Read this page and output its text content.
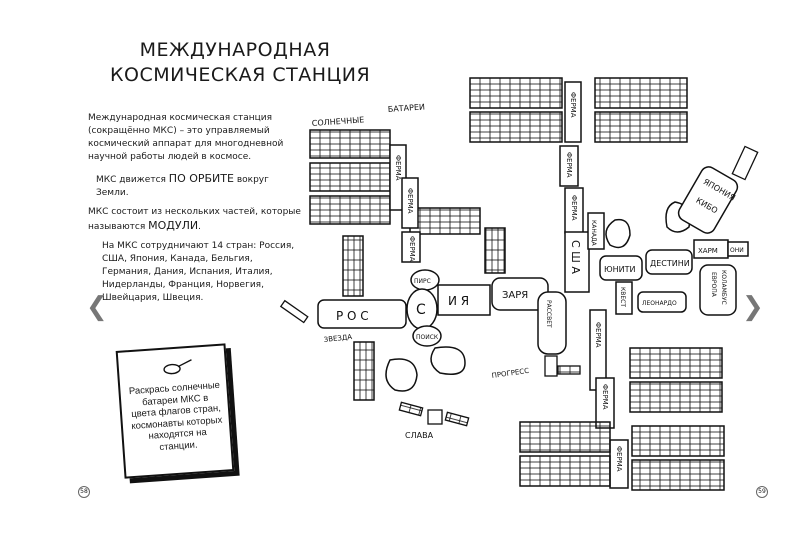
МЕЖДУНАРОДНАЯ
КОСМИЧЕСКАЯ СТАНЦИЯ
Международная космическая станция (сокращённо МКС) – это управляемый космический аппарат для многодневной научной работы людей в космосе.
МКС движется ПО ОРБИТЕ вокруг Земли.
МКС состоит из нескольких частей, которые называются МОДУЛИ.
На МКС сотрудничают 14 стран: Россия, США, Япония, Канада, Бельгия, Германия, Дания, Испания, Италия, Нидерланды, Франция, Норвегия, Швейцария, Швеция.
Раскрась солнечные батареи МКС в цвета флагов стран, космонавты которых находятся на станции.
58	59
❮	❯
СОЛНЕЧНЫЕ
БАТАРЕИ
ФЕРМА
ФЕРМА
ФЕРМА
ФЕРМА
ФЕРМА
ФЕРМА
Р О С
ЗВЕЗДА
ПИРС
С
ПОИСК
И Я	ЗАРЯ
СЛАВА
РАССВЕТ
ПРОГРЕСС
С Ш А
КАНАДА
ЮНИТИ
ДЕСТИНИ
КВЕСТ	ЛЕОНАРДО
ХАРМ ОНИ
ЕВРОПА КОЛАМБУС
ЯПОНИЯ
КИБО
ФЕРМА
ФЕРМА
ФЕРМА
